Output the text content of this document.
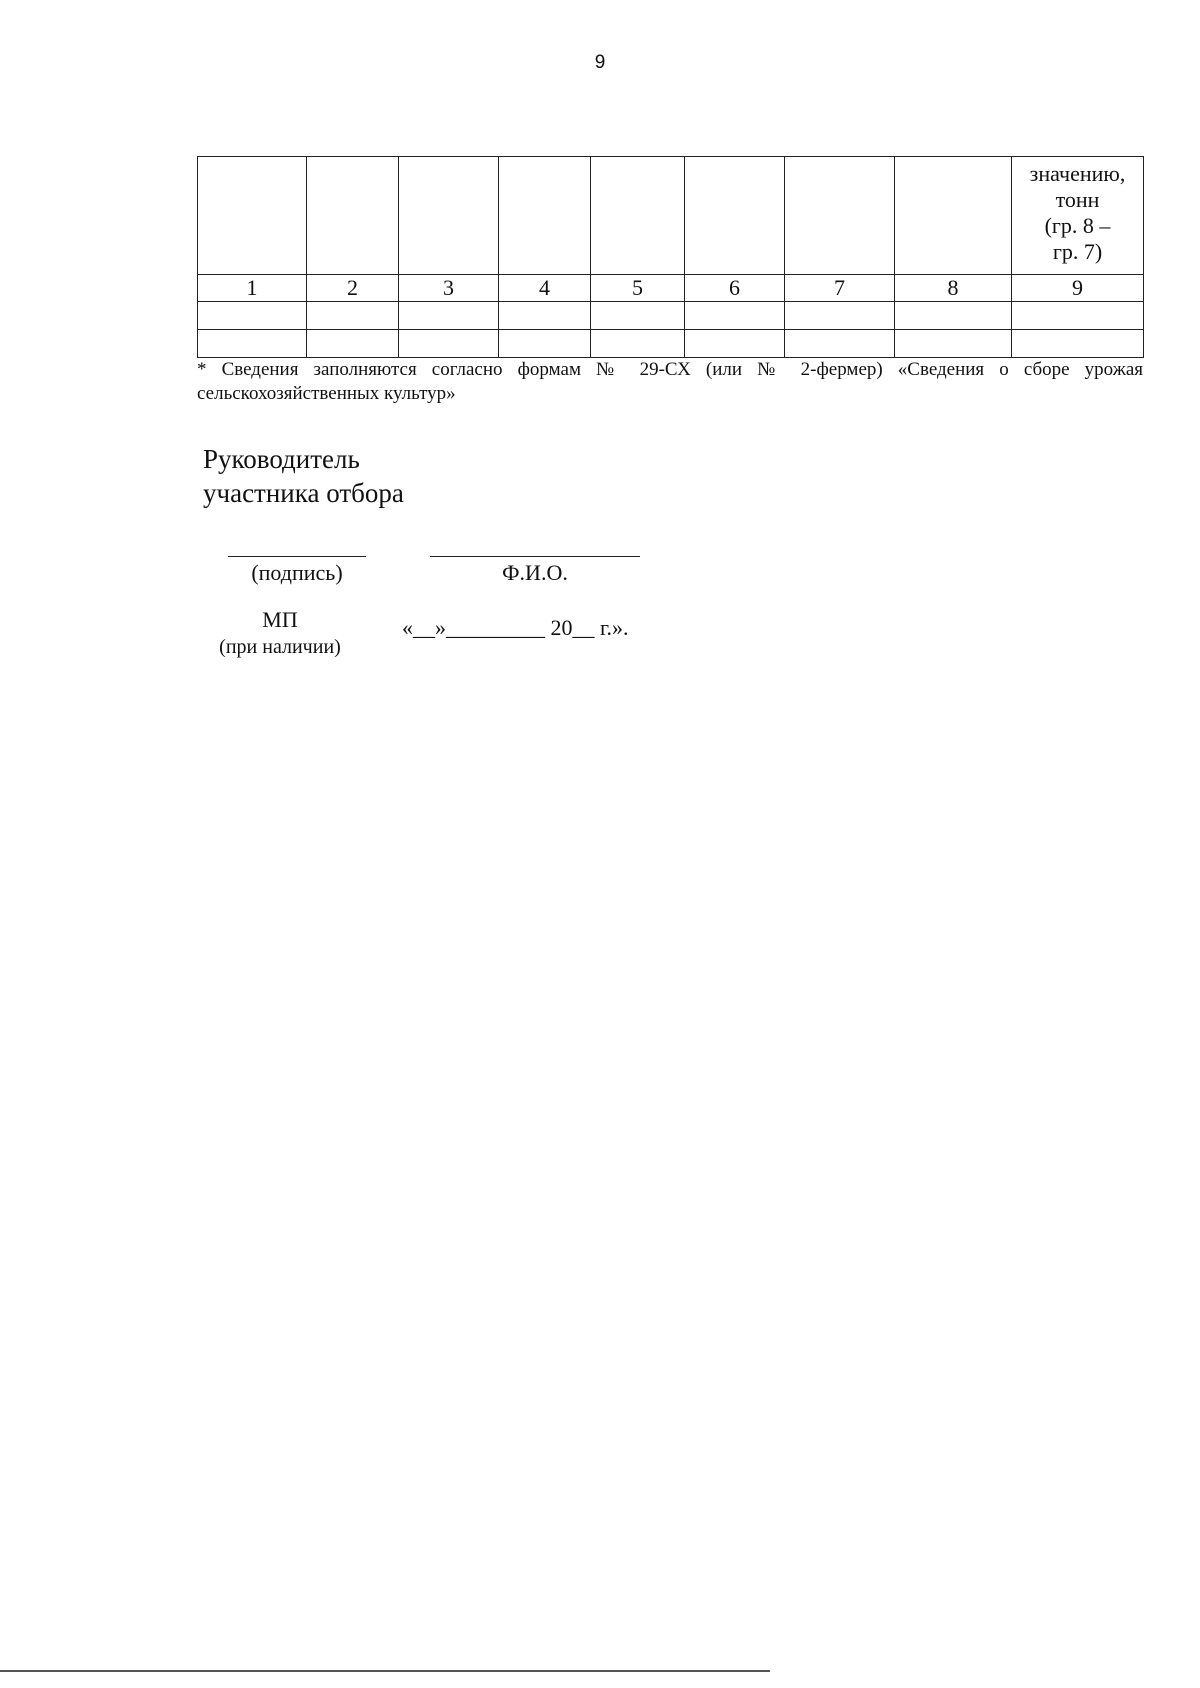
9

								значению,
тонн
(гр. 8 –
гр. 7)

1	2	3	4	5	6	7	8	9

* Сведения заполняются согласно формам № 29-СХ (или № 2-фермер) «Сведения о сборе урожая сельскохозяйственных культур»
Руководитель
участника отбора
(подпись)	Ф.И.О.
МП
(при наличии)
«__»_________ 20__ г.».
